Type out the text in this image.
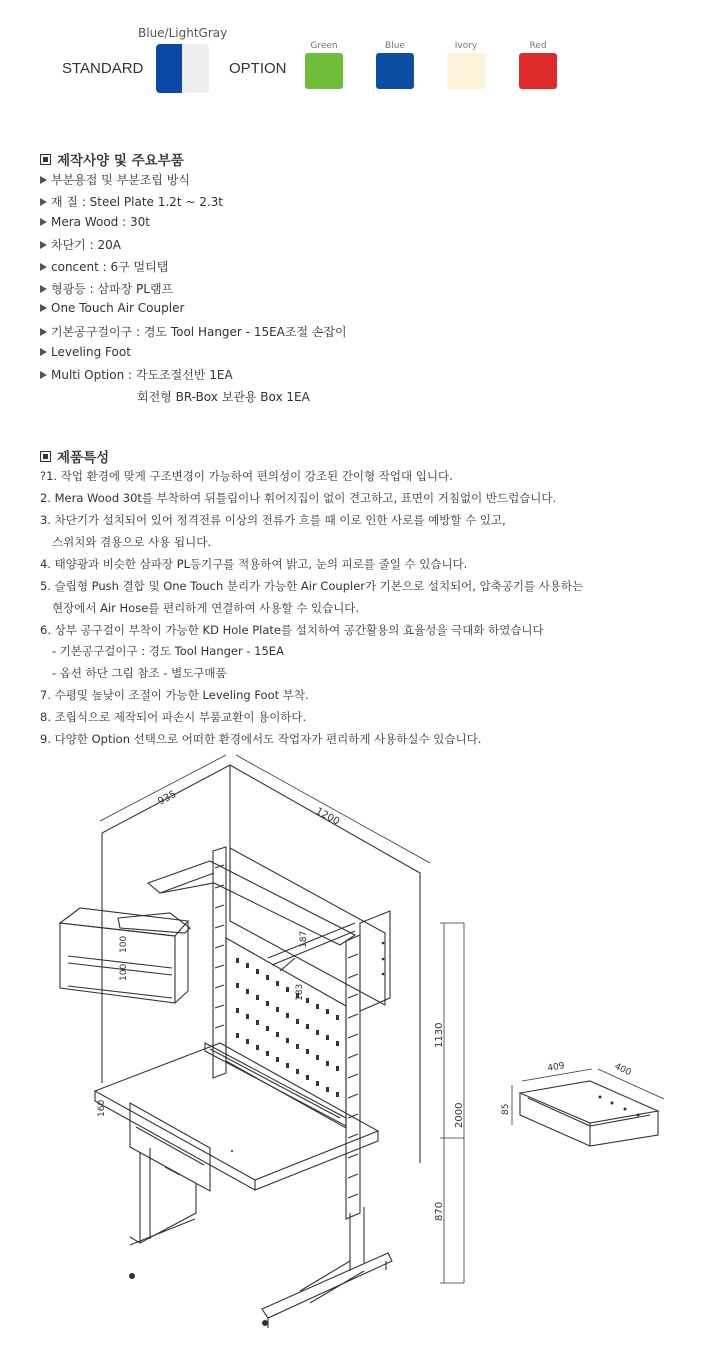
Blue/LightGray
STANDARD	OPTION
Green	Blue	Ivory	Red
제작사양 및 주요부품
부분용접 및 부분조립 방식
재 질 : Steel Plate 1.2t ~ 2.3t
Mera Wood : 30t
차단기 : 20A
concent : 6구 멀티탭
형광등 : 삼파장 PL램프
One Touch Air Coupler
기본공구걸이구 : 경도 Tool Hanger - 15EA조절 손잡이
Leveling Foot
Multi Option : 각도조절선반 1EA
회전형 BR-Box 보관용 Box 1EA
제품특성
?1. 작업 환경에 맞게 구조변경이 가능하여 편의성이 강조된 간이형 작업대 입니다.
2. Mera Wood 30t를 부착하여 뒤틀림이나 휘어지집이 없이 견고하고, 표면이 거침없이 반드럽습니다.
3. 차단기가 설치되어 있어 정격전류 이상의 전류가 흐를 때 이로 인한 사로를 예방할 수 있고,
스위치와 겸용으로 사용 됩니다.
4. 태양광과 비슷한 삼파장 PL등기구를 적용하여 밝고, 눈의 피로를 줄일 수 있습니다.
5. 슬립형 Push 결합 및 One Touch 분리가 가능한 Air Coupler가 기본으로 설치되어, 압축공기를 사용하는
현장에서 Air Hose를 편리하게 연결하여 사용할 수 있습니다.
6. 상부 공구걸이 부착이 가능한 KD Hole Plate를 설치하여 공간활용의 효율성을 극대화 하였습니다
- 기본공구걸이구 : 경도 Tool Hanger - 15EA
- 옵션 하단 그림 참조 - 별도구매품
7. 수평및 높낮이 조절이 가능한 Leveling Foot 부착.
8. 조립식으로 제작되어 파손시 부품교환이 용이하다.
9. 다양한 Option 선택으로 어떠한 환경에서도 작업자가 편리하게 사용하실수 있습니다.
935
1200
187
183
100
100
160
1130
2000
870
409	400
85
